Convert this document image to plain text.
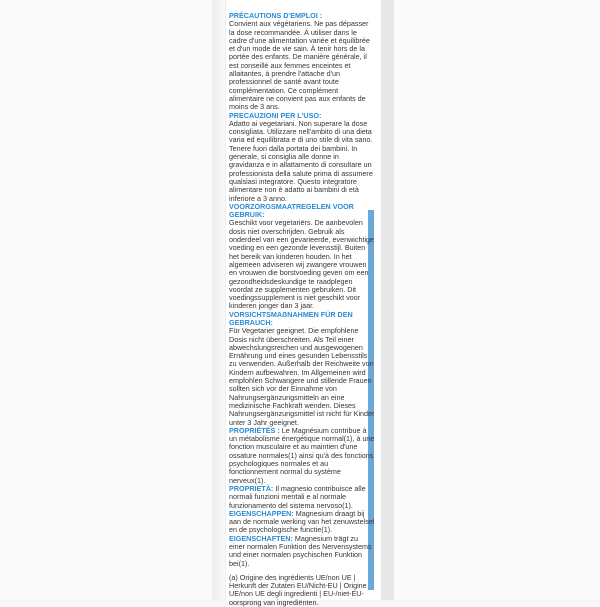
PRÉCAUTIONS D'EMPLOI :

Convient aux végétariens. Ne pas dépasser la dose recommandée. À utiliser dans le cadre d'une alimentation variée et équilibrée et d'un mode de vie sain. À tenir hors de la portée des enfants. De manière générale, il est conseillé aux femmes enceintes et allaitantes, à prendre l'attache d'un professionnel de santé avant toute complémentation. Ce complément alimentaire ne convient pas aux enfants de moins de 3 ans.

PRECAUZIONI PER L'USO:

Adatto ai vegetariani. Non superare la dose consigliata. Utilizzare nell'ambito di una dieta varia ed equilibrata e di uno stile di vita sano. Tenere fuori dalla portata dei bambini. In generale, si consiglia alle donne in gravidanza e in allattamento di consultare un professionista della salute prima di assumere qualsiasi integratore. Questo integratore alimentare non è adatto ai bambini di età inferiore a 3 anno.

VOORZORGSMAATREGELEN VOOR GEBRUIK:

Geschikt voor vegetariërs. De aanbevolen dosis niet overschrijden. Gebruik als onderdeel van een gevarieerde, evenwichtige voeding en een gezonde levensstijl. Buiten het bereik van kinderen houden. In het algemeen adviseren wij zwangere vrouwen en vrouwen die borstvoeding geven om een gezondheidsdeskundige te raadplegen voordat ze supplementen gebruiken. Dit voedingssupplement is niet geschikt voor kinderen jonger dan 3 jaar.

VORSICHTSMAẞNAHMEN FÜR DEN GEBRAUCH:

Für Vegetarier geeignet. Die empfohlene Dosis nicht überschreiten. Als Teil einer abwechslungsreichen und ausgewogenen Ernährung und eines gesunden Lebensstils zu verwenden. Außerhalb der Reichweite von Kindern aufbewahren. Im Allgemeinen wird empfohlen Schwangere und stillende Frauen sollten sich vor der Einnahme von Nahrungsergänzungsmitteln an eine medizinische Fachkraft wenden. Dieses Nahrungsergänzungsmittel ist nicht für Kinder unter 3 Jahr geeignet.

PROPRIÉTÉS : Le Magnésium contribue à un métabolisme énergétique normal(1), à une fonction musculaire et au maintien d'une ossature normales(1) ainsi qu'à des fonctions psychologiques normales et au fonctionnement normal du système nerveux(1).

PROPRIETÀ: Il magnesio contribuisce alle normali funzioni mentali e al normale funzionamento del sistema nervoso(1).

EIGENSCHAPPEN: Magnesium draagt bij aan de normale werking van het zenuwstelsel en de psychologische functie(1).

EIGENSCHAFTEN: Magnesium trägt zu einer normalen Funktion des Nervensystems und einer normalen psychischen Funktion bei(1).

(a) Origine des ingrédients UE/non UE | Herkunft der Zutaten EU/Nicht-EU | Origine UE/non UE degli ingredienti | EU-/niet-EU-oorsprong van ingrediënten.
